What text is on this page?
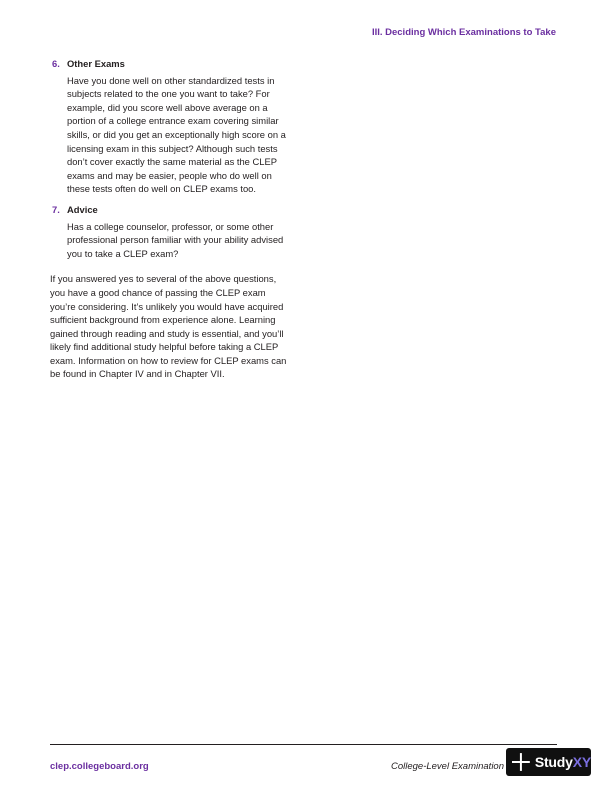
III. Deciding Which Examinations to Take
6. Other Exams
Have you done well on other standardized tests in subjects related to the one you want to take? For example, did you score well above average on a portion of a college entrance exam covering similar skills, or did you get an exceptionally high score on a licensing exam in this subject? Although such tests don’t cover exactly the same material as the CLEP exams and may be easier, people who do well on these tests often do well on CLEP exams too.
7. Advice
Has a college counselor, professor, or some other professional person familiar with your ability advised you to take a CLEP exam?
If you answered yes to several of the above questions, you have a good chance of passing the CLEP exam you’re considering. It’s unlikely you would have acquired sufficient background from experience alone. Learning gained through reading and study is essential, and you’ll likely find additional study helpful before taking a CLEP exam. Information on how to review for CLEP exams can be found in Chapter IV and in Chapter VII.
clep.collegeboard.org	College-Level Examination StudyXY
